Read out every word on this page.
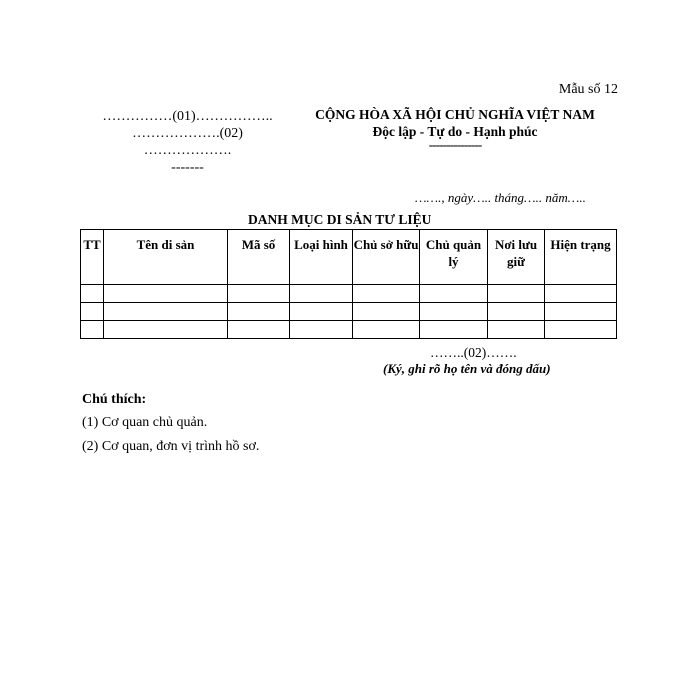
Mẫu số 12
……………(01)……………..
……………….(02)
……………….
-------
CỘNG HÒA XÃ HỘI CHỦ NGHĨA VIỆT NAM
Độc lập - Tự do - Hạnh phúc
---------------
……., ngày….. tháng….. năm…..
DANH MỤC DI SẢN TƯ LIỆU
TT	Tên di sản	Mã số	Loại hình	Chủ sở hữu	Chủ quản lý	Nơi lưu giữ	Hiện trạng

……..(02)…….
(Ký, ghi rõ họ tên và đóng dấu)
Chú thích:
(1) Cơ quan chủ quản.
(2) Cơ quan, đơn vị trình hồ sơ.
